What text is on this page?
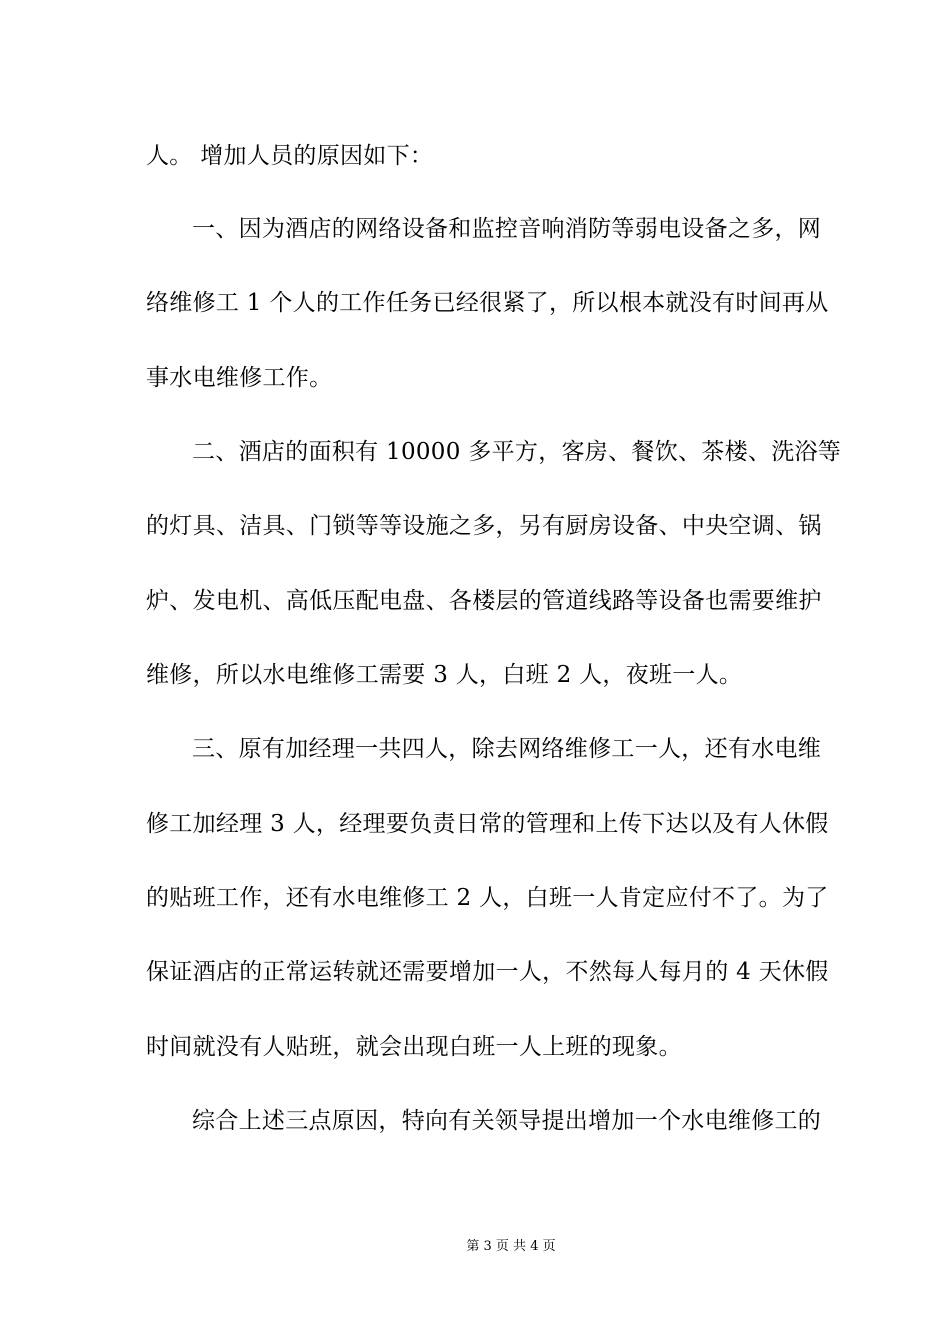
人。 增加人员的原因如下：
一、因为酒店的网络设备和监控音响消防等弱电设备之多，网
络维修工 1 个人的工作任务已经很紧了，所以根本就没有时间再从
事水电维修工作。
二、酒店的面积有 10000 多平方，客房、餐饮、茶楼、洗浴等
的灯具、洁具、门锁等等设施之多，另有厨房设备、中央空调、锅
炉、发电机、高低压配电盘、各楼层的管道线路等设备也需要维护
维修，所以水电维修工需要 3 人，白班 2 人，夜班一人。
三、原有加经理一共四人，除去网络维修工一人，还有水电维
修工加经理 3 人，经理要负责日常的管理和上传下达以及有人休假
的贴班工作，还有水电维修工 2 人，白班一人肯定应付不了。为了
保证酒店的正常运转就还需要增加一人，不然每人每月的 4 天休假
时间就没有人贴班，就会出现白班一人上班的现象。
综合上述三点原因，特向有关领导提出增加一个水电维修工的
第 3 页 共 4 页
